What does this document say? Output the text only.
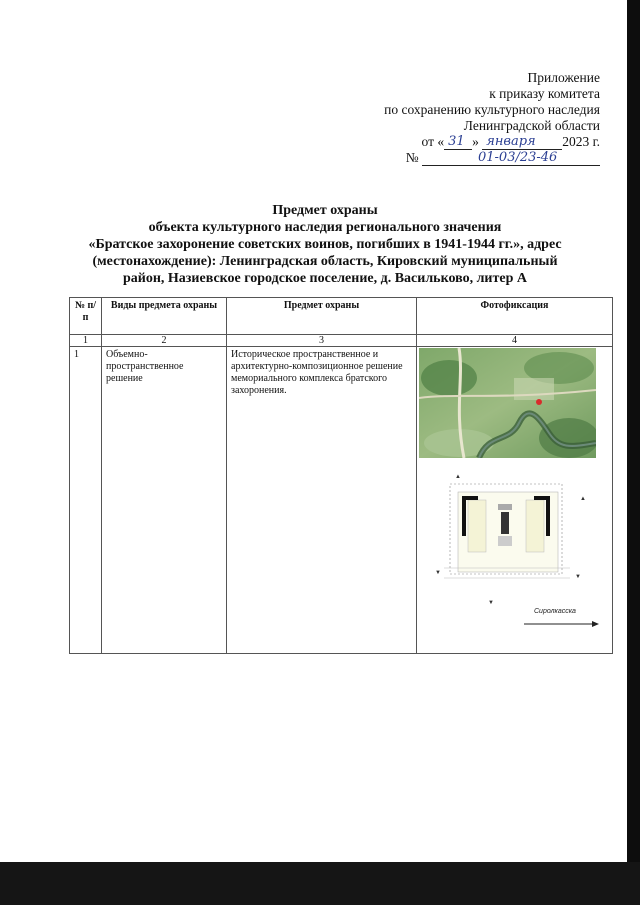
Приложение
к приказу комитета
по сохранению культурного наследия
Ленинградской области
от « 31 » января 2023 г.
№	01-03/23-46
Предмет охраны
объекта культурного наследия регионального значения
«Братское захоронение советских воинов, погибших в 1941-1944 гг.», адрес
(местонахождение): Ленинградская область, Кировский муниципальный
район, Назиевское городское поселение, д. Васильково, литер А
№ п/п	Виды предмета охраны	Предмет охраны	Фотофиксация
1	2	3	4
1	Объемно-пространственное решение	Историческое пространственное и архитектурно-композиционное решение мемориального комплекса братского захоронения.	
▲
▲
▼
▼
▼
Сиролкасска
